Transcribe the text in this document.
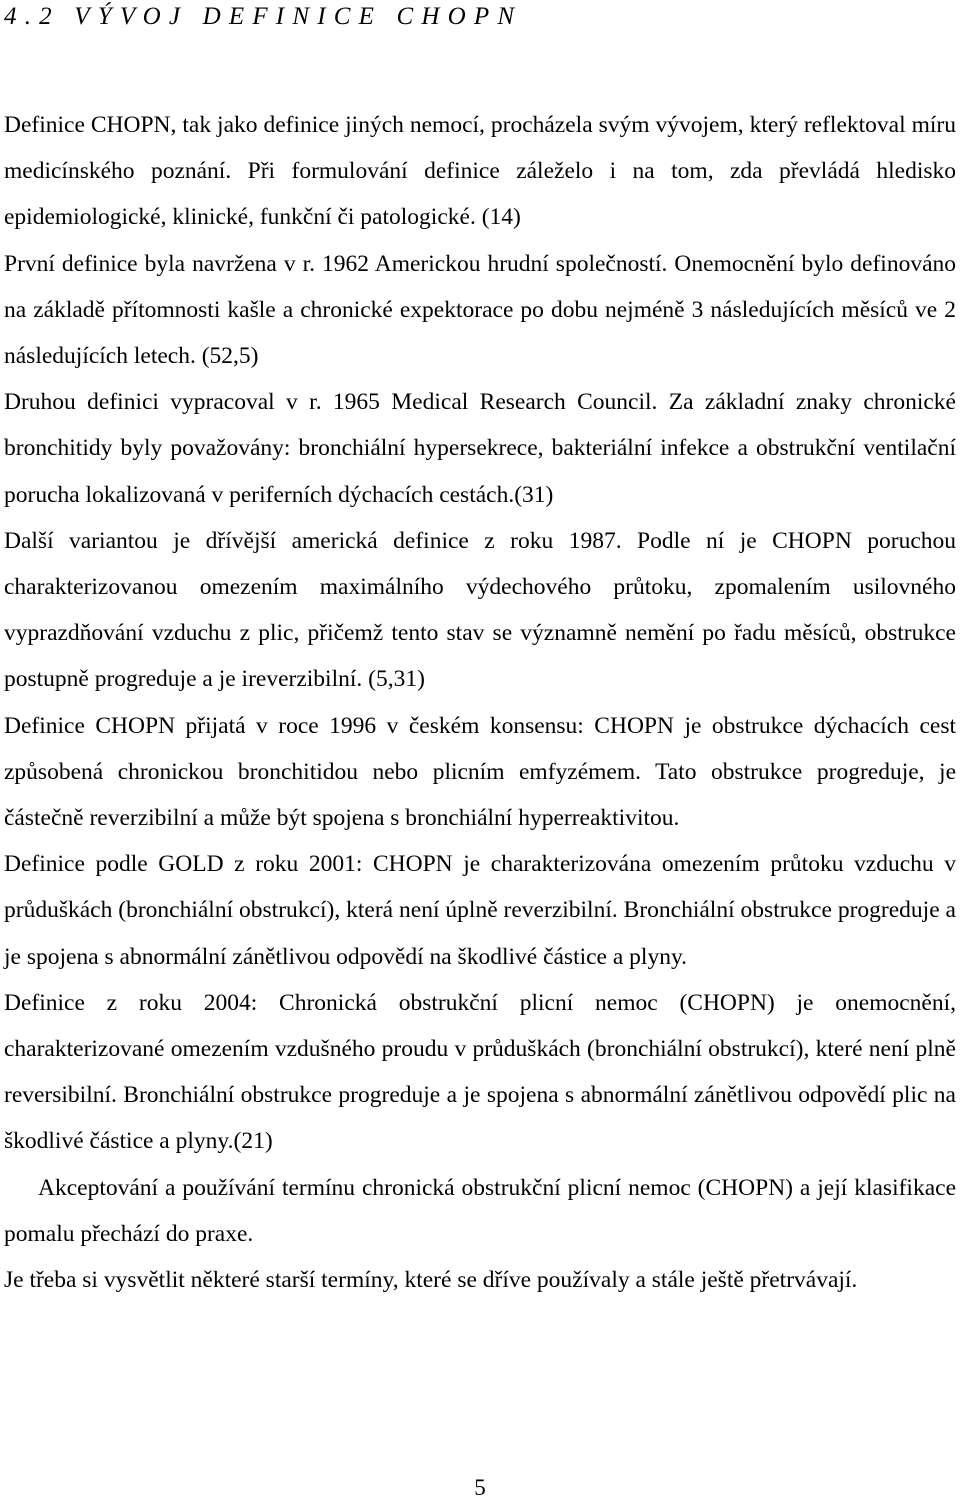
4.2 VÝVOJ DEFINICE CHOPN

Definice CHOPN, tak jako definice jiných nemocí, procházela svým vývojem, který reflektoval míru medicínského poznání. Při formulování definice záleželo i na tom, zda převládá hledisko epidemiologické, klinické, funkční či patologické. (14)

První definice byla navržena v r. 1962 Americkou hrudní společností. Onemocnění bylo definováno na základě přítomnosti kašle a chronické expektorace po dobu nejméně 3 následujících měsíců ve 2 následujících letech. (52,5)

Druhou definici vypracoval v r. 1965 Medical Research Council. Za základní znaky chronické bronchitidy byly považovány: bronchiální hypersekrece, bakteriální infekce a obstrukční ventilační porucha lokalizovaná v periferních dýchacích cestách.(31)

Další variantou je dřívější americká definice z roku 1987. Podle ní je CHOPN poruchou charakterizovanou omezením maximálního výdechového průtoku, zpomalením usilovného vyprazdňování vzduchu z plic, přičemž tento stav se významně nemění po řadu měsíců, obstrukce postupně progreduje a je ireverzibilní. (5,31)

Definice CHOPN přijatá v roce 1996 v českém konsensu: CHOPN je obstrukce dýchacích cest způsobená chronickou bronchitidou nebo plicním emfyzémem. Tato obstrukce progreduje, je částečně reverzibilní a může být spojena s bronchiální hyperreaktivitou.

Definice podle GOLD z roku 2001: CHOPN je charakterizována omezením průtoku vzduchu v průduškách (bronchiální obstrukcí), která není úplně reverzibilní. Bronchiální obstrukce progreduje a je spojena s abnormální zánětlivou odpovědí na škodlivé částice a plyny.

Definice z roku 2004: Chronická obstrukční plicní nemoc (CHOPN) je onemocnění, charakterizované omezením vzdušného proudu v průduškách (bronchiální obstrukcí), které není plně reversibilní. Bronchiální obstrukce progreduje a je spojena s abnormální zánětlivou odpovědí plic na škodlivé částice a plyny.(21)

Akceptování a používání termínu chronická obstrukční plicní nemoc (CHOPN) a její klasifikace pomalu přechází do praxe.

Je třeba si vysvětlit některé starší termíny, které se dříve používaly a stále ještě přetrvávají.

5
